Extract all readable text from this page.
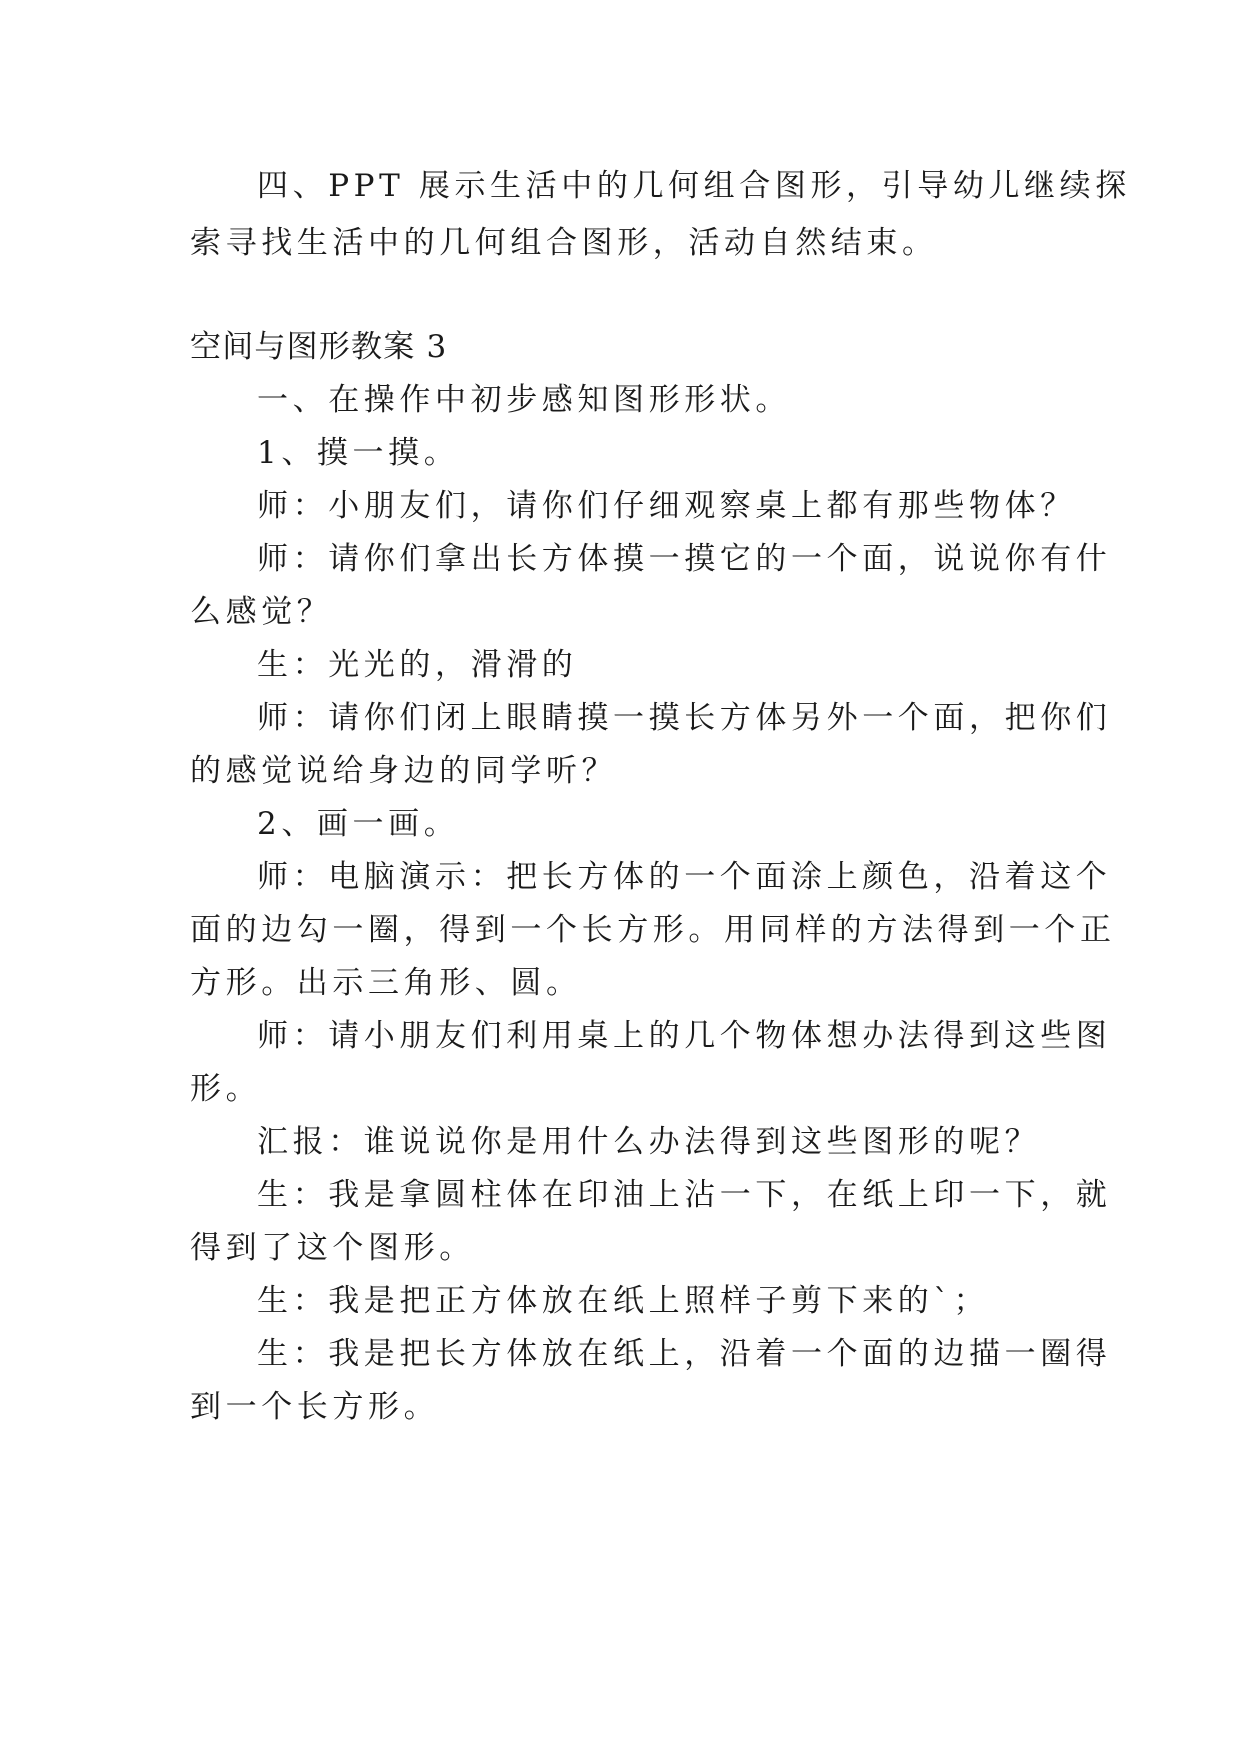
四、PPT 展示生活中的几何组合图形，引导幼儿继续探

索寻找生活中的几何组合图形，活动自然结束。

空间与图形教案 3

一、在操作中初步感知图形形状。

1、摸一摸。

师：小朋友们，请你们仔细观察桌上都有那些物体？

师：请你们拿出长方体摸一摸它的一个面，说说你有什

么感觉？

生：光光的，滑滑的

师：请你们闭上眼睛摸一摸长方体另外一个面，把你们

的感觉说给身边的同学听？

2、画一画。

师：电脑演示：把长方体的一个面涂上颜色，沿着这个

面的边勾一圈，得到一个长方形。用同样的方法得到一个正

方形。出示三角形、圆。

师：请小朋友们利用桌上的几个物体想办法得到这些图

形。

汇报：谁说说你是用什么办法得到这些图形的呢？

生：我是拿圆柱体在印油上沾一下，在纸上印一下，就

得到了这个图形。

生：我是把正方体放在纸上照样子剪下来的`；

生：我是把长方体放在纸上，沿着一个面的边描一圈得

到一个长方形。
